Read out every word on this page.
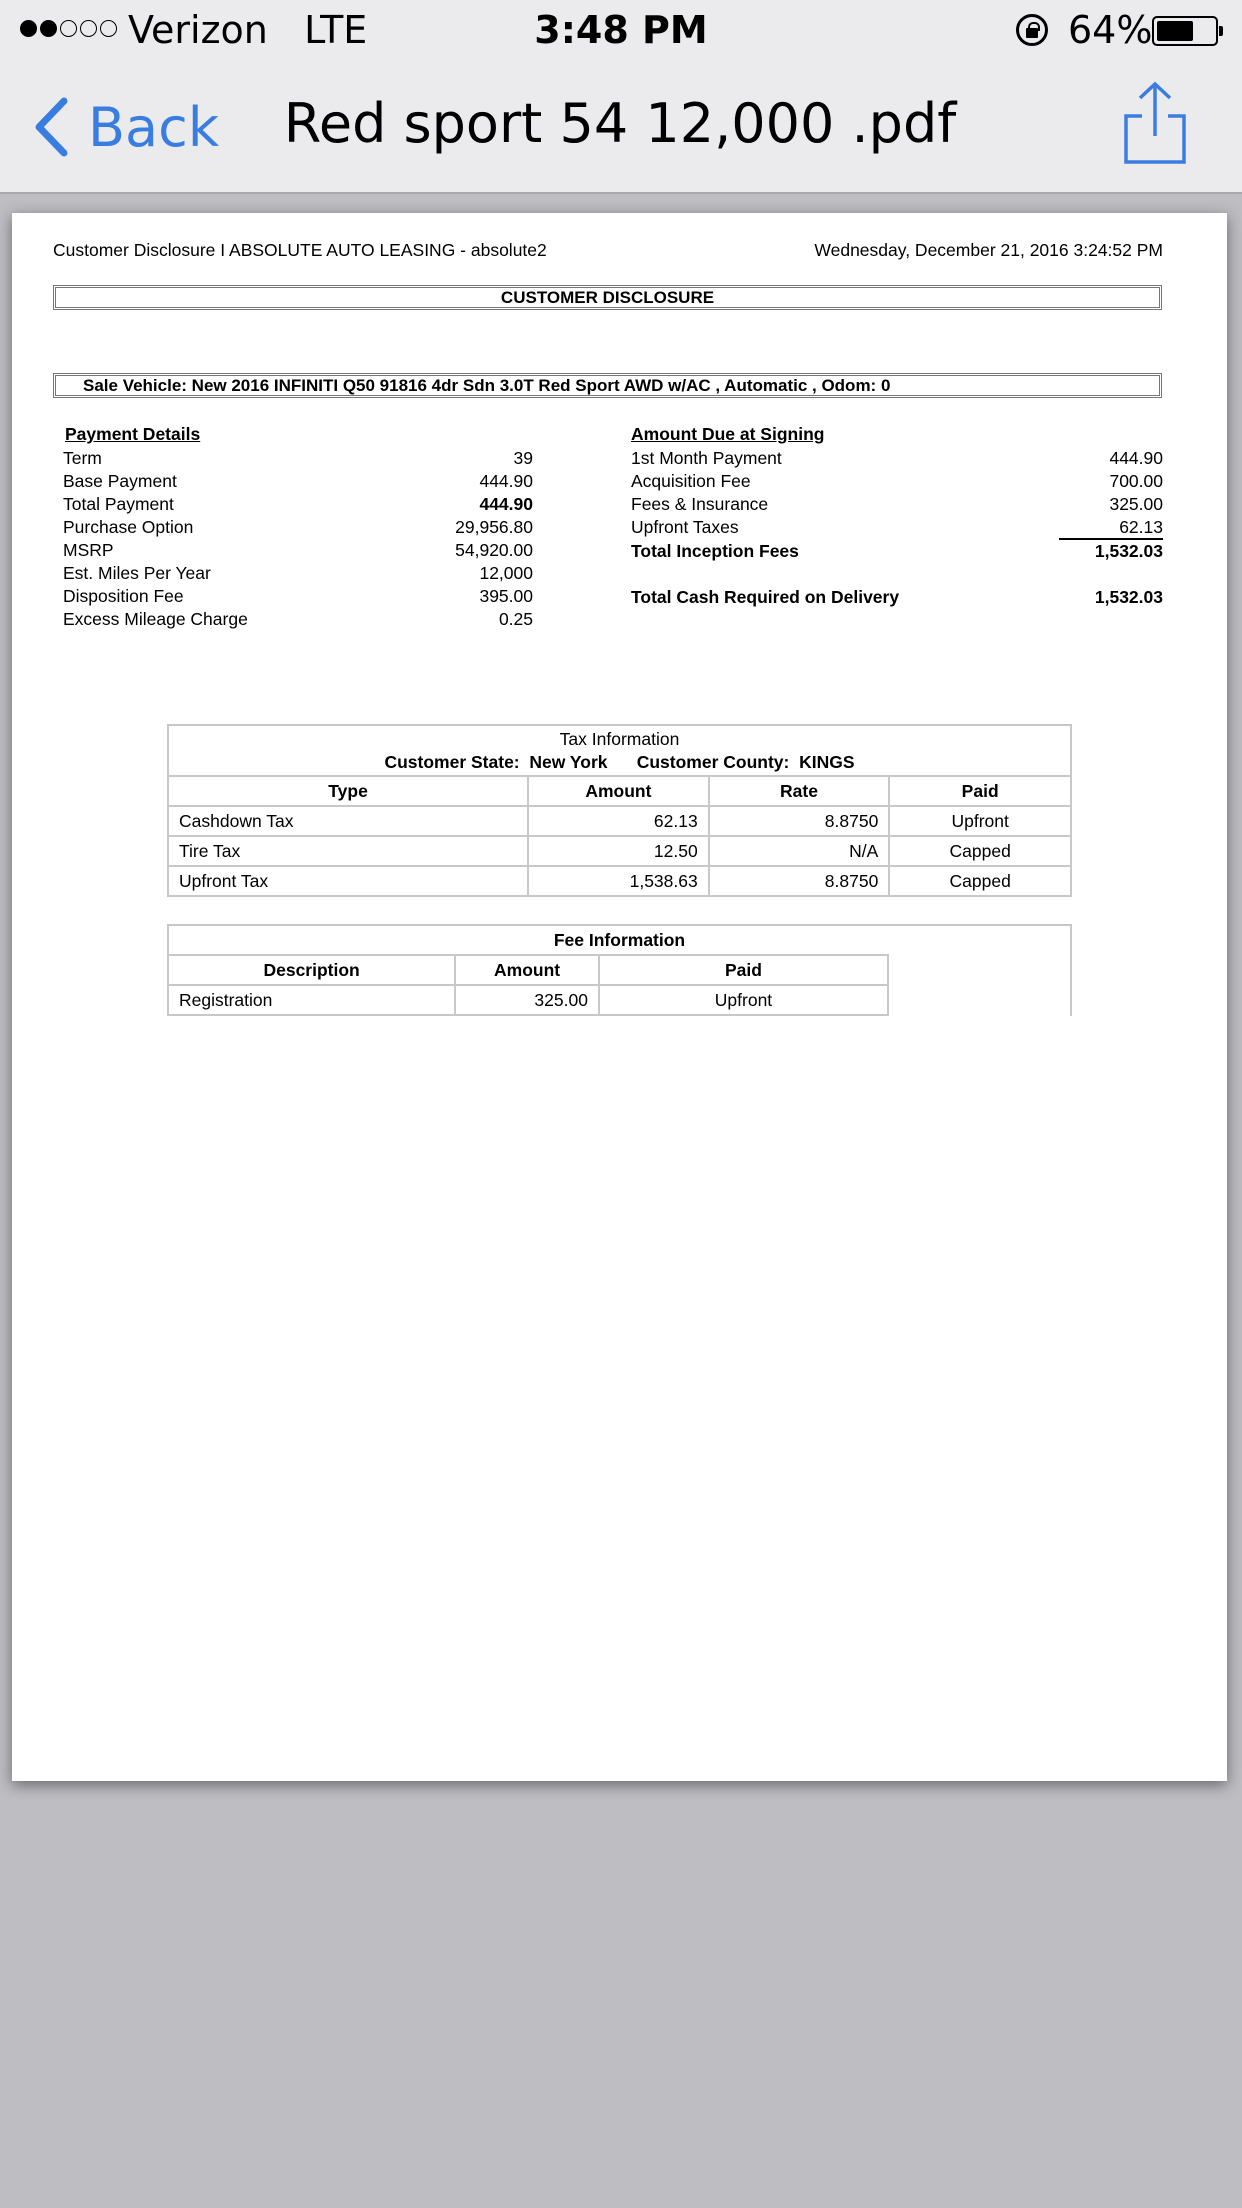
Verizon LTE	3:48 PM	64%
Back	Red sport 54 12,000 .pdf
Customer Disclosure I ABSOLUTE AUTO LEASING - absolute2	Wednesday, December 21, 2016 3:24:52 PM
CUSTOMER DISCLOSURE
Sale Vehicle: New 2016 INFINITI Q50 91816 4dr Sdn 3.0T Red Sport AWD w/AC , Automatic , Odom: 0
Payment Details
Term	39
Base Payment	444.90
Total Payment	444.90
Purchase Option	29,956.80
MSRP	54,920.00
Est. Miles Per Year	12,000
Disposition Fee	395.00
Excess Mileage Charge	0.25
Amount Due at Signing
1st Month Payment	444.90
Acquisition Fee	700.00
Fees & Insurance	325.00
Upfront Taxes	62.13
Total Inception Fees	1,532.03
Total Cash Required on Delivery	1,532.03
Tax Information
Customer State: New York Customer County: KINGS
Type	Amount	Rate	Paid
Cashdown Tax	62.13	8.8750	Upfront
Tire Tax	12.50	N/A	Capped
Upfront Tax	1,538.63	8.8750	Capped
Fee Information
Description	Amount	Paid
Registration	325.00	Upfront
